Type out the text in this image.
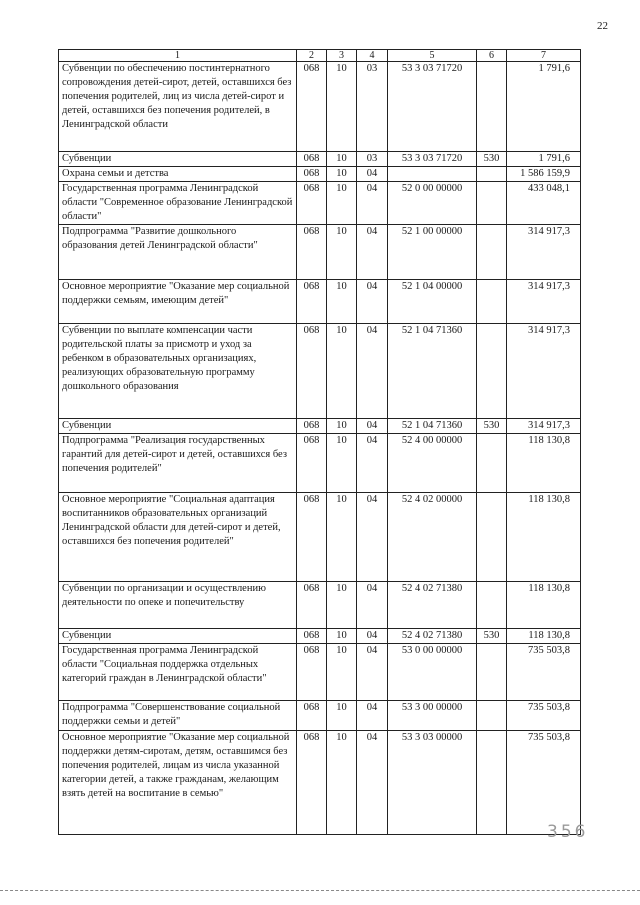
22
1	2	3	4	5	6	7
Субвенции по обеспечению постинтернатного сопровождения детей-сирот, детей, оставшихся без попечения родителей, лиц из числа детей-сирот и детей, оставшихся без попечения родителей, в Ленинградской области	068	10	03	53 3 03 71720		1 791,6
Субвенции	068	10	03	53 3 03 71720	530	1 791,6
Охрана семьи и детства	068	10	04			1 586 159,9
Государственная программа Ленинградской области "Современное образование Ленинградской области"	068	10	04	52 0 00 00000		433 048,1
Подпрограмма "Развитие дошкольного образования детей Ленинградской области"	068	10	04	52 1 00 00000		314 917,3
Основное мероприятие "Оказание мер социальной поддержки семьям, имеющим детей"	068	10	04	52 1 04 00000		314 917,3
Субвенции по выплате компенсации части родительской платы за присмотр и уход за ребенком в образовательных организациях, реализующих образовательную программу дошкольного образования	068	10	04	52 1 04 71360		314 917,3
Субвенции	068	10	04	52 1 04 71360	530	314 917,3
Подпрограмма "Реализация государственных гарантий для детей-сирот и детей, оставшихся без попечения родителей"	068	10	04	52 4 00 00000		118 130,8
Основное мероприятие "Социальная адаптация воспитанников образовательных организаций Ленинградской области для детей-сирот и детей, оставшихся без попечения родителей"	068	10	04	52 4 02 00000		118 130,8
Субвенции по организации и осуществлению деятельности по опеке и попечительству	068	10	04	52 4 02 71380		118 130,8
Субвенции	068	10	04	52 4 02 71380	530	118 130,8
Государственная программа Ленинградской области "Социальная поддержка отдельных категорий граждан в Ленинградской области"	068	10	04	53 0 00 00000		735 503,8
Подпрограмма "Совершенствование социальной поддержки семьи и детей"	068	10	04	53 3 00 00000		735 503,8
Основное мероприятие "Оказание мер социальной поддержки детям-сиротам, детям, оставшимся без попечения родителей, лицам из числа указанной категории детей, а также гражданам, желающим взять детей на воспитание в семью"	068	10	04	53 3 03 00000		735 503,8
356
